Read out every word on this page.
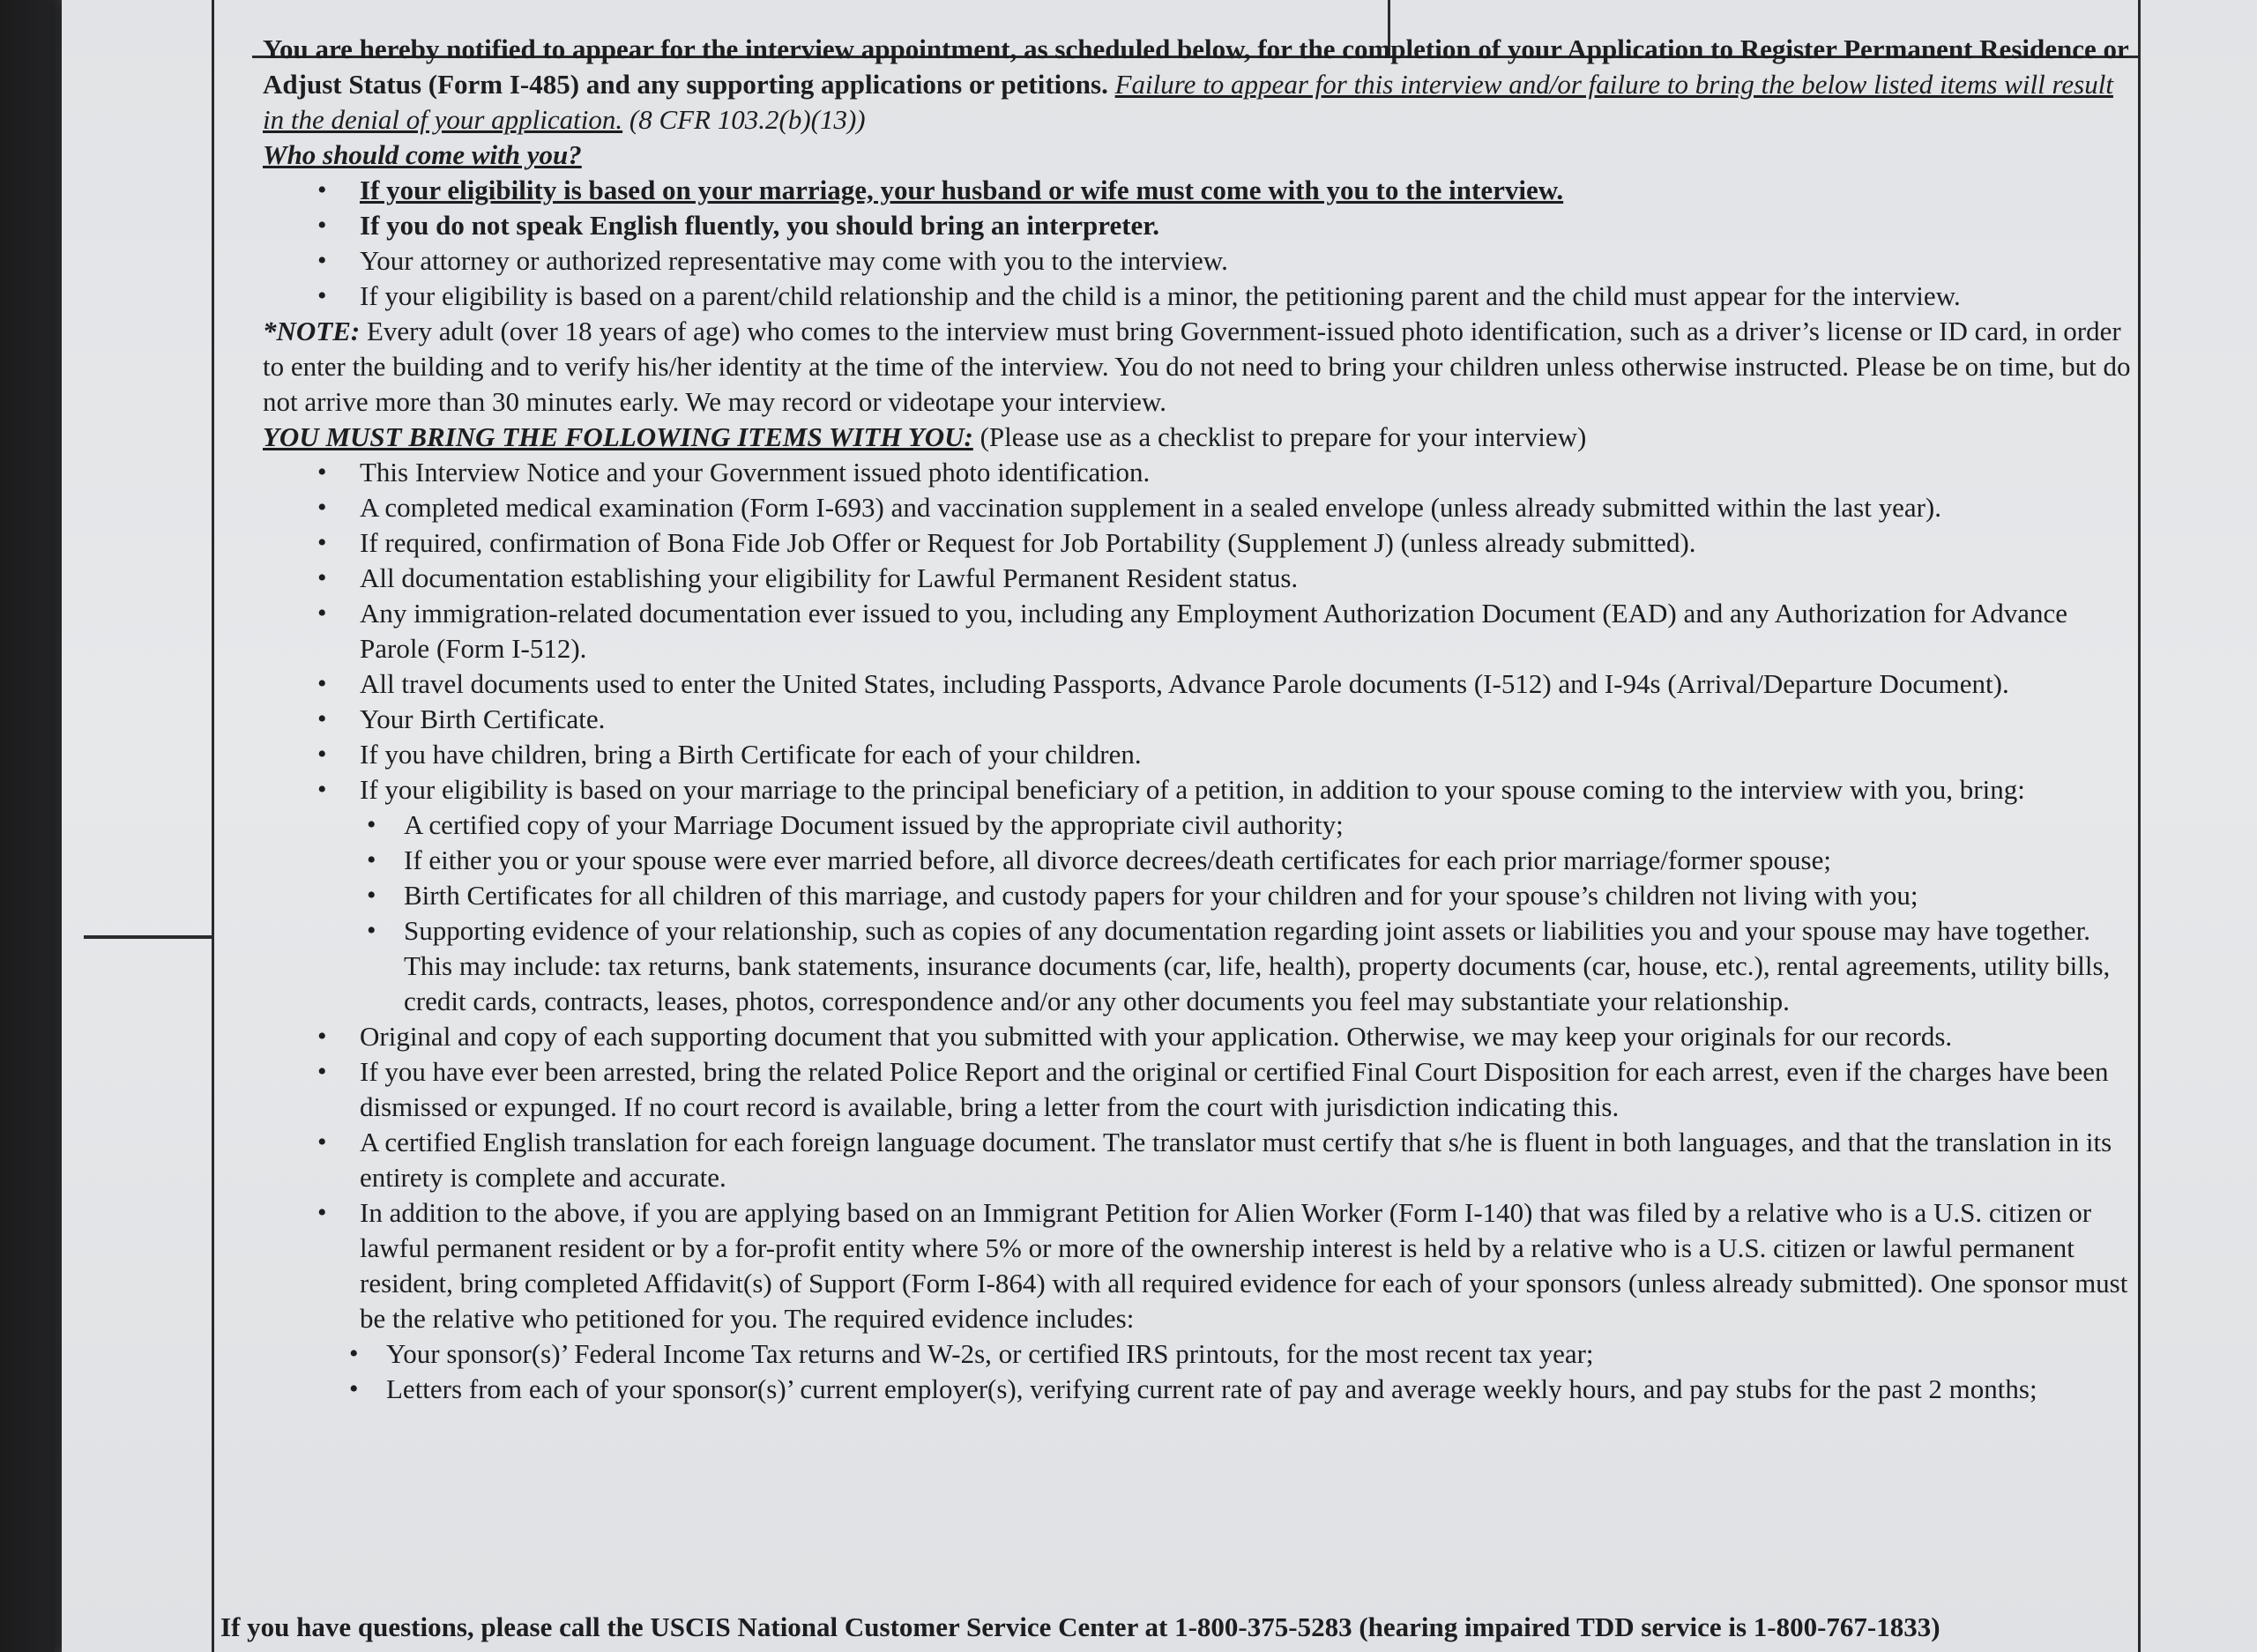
You are hereby notified to appear for the interview appointment, as scheduled below, for the completion of your Application to Register Permanent Residence or Adjust Status (Form I-485) and any supporting applications or petitions. Failure to appear for this interview and/or failure to bring the below listed items will result in the denial of your application. (8 CFR 103.2(b)(13))

Who should come with you?

• If your eligibility is based on your marriage, your husband or wife must come with you to the interview.
• If you do not speak English fluently, you should bring an interpreter.
• Your attorney or authorized representative may come with you to the interview.
• If your eligibility is based on a parent/child relationship and the child is a minor, the petitioning parent and the child must appear for the interview.

*NOTE: Every adult (over 18 years of age) who comes to the interview must bring Government-issued photo identification, such as a driver’s license or ID card, in order to enter the building and to verify his/her identity at the time of the interview. You do not need to bring your children unless otherwise instructed. Please be on time, but do not arrive more than 30 minutes early. We may record or videotape your interview.

YOU MUST BRING THE FOLLOWING ITEMS WITH YOU: (Please use as a checklist to prepare for your interview)

• This Interview Notice and your Government issued photo identification.
• A completed medical examination (Form I-693) and vaccination supplement in a sealed envelope (unless already submitted within the last year).
• If required, confirmation of Bona Fide Job Offer or Request for Job Portability (Supplement J) (unless already submitted).
• All documentation establishing your eligibility for Lawful Permanent Resident status.
• Any immigration-related documentation ever issued to you, including any Employment Authorization Document (EAD) and any Authorization for Advance Parole (Form I-512).
• All travel documents used to enter the United States, including Passports, Advance Parole documents (I-512) and I-94s (Arrival/Departure Document).
• Your Birth Certificate.
• If you have children, bring a Birth Certificate for each of your children.
• If your eligibility is based on your marriage to the principal beneficiary of a petition, in addition to your spouse coming to the interview with you, bring:
• A certified copy of your Marriage Document issued by the appropriate civil authority;
• If either you or your spouse were ever married before, all divorce decrees/death certificates for each prior marriage/former spouse;
• Birth Certificates for all children of this marriage, and custody papers for your children and for your spouse’s children not living with you;
• Supporting evidence of your relationship, such as copies of any documentation regarding joint assets or liabilities you and your spouse may have together. This may include: tax returns, bank statements, insurance documents (car, life, health), property documents (car, house, etc.), rental agreements, utility bills, credit cards, contracts, leases, photos, correspondence and/or any other documents you feel may substantiate your relationship.
• Original and copy of each supporting document that you submitted with your application. Otherwise, we may keep your originals for our records.
• If you have ever been arrested, bring the related Police Report and the original or certified Final Court Disposition for each arrest, even if the charges have been dismissed or expunged. If no court record is available, bring a letter from the court with jurisdiction indicating this.
• A certified English translation for each foreign language document. The translator must certify that s/he is fluent in both languages, and that the translation in its entirety is complete and accurate.
• In addition to the above, if you are applying based on an Immigrant Petition for Alien Worker (Form I-140) that was filed by a relative who is a U.S. citizen or lawful permanent resident or by a for-profit entity where 5% or more of the ownership interest is held by a relative who is a U.S. citizen or lawful permanent resident, bring completed Affidavit(s) of Support (Form I-864) with all required evidence for each of your sponsors (unless already submitted). One sponsor must be the relative who petitioned for you. The required evidence includes:
• Your sponsor(s)’ Federal Income Tax returns and W-2s, or certified IRS printouts, for the most recent tax year;
• Letters from each of your sponsor(s)’ current employer(s), verifying current rate of pay and average weekly hours, and pay stubs for the past 2 months;
If you have questions, please call the USCIS National Customer Service Center at 1-800-375-5283 (hearing impaired TDD service is 1-800-767-1833)
